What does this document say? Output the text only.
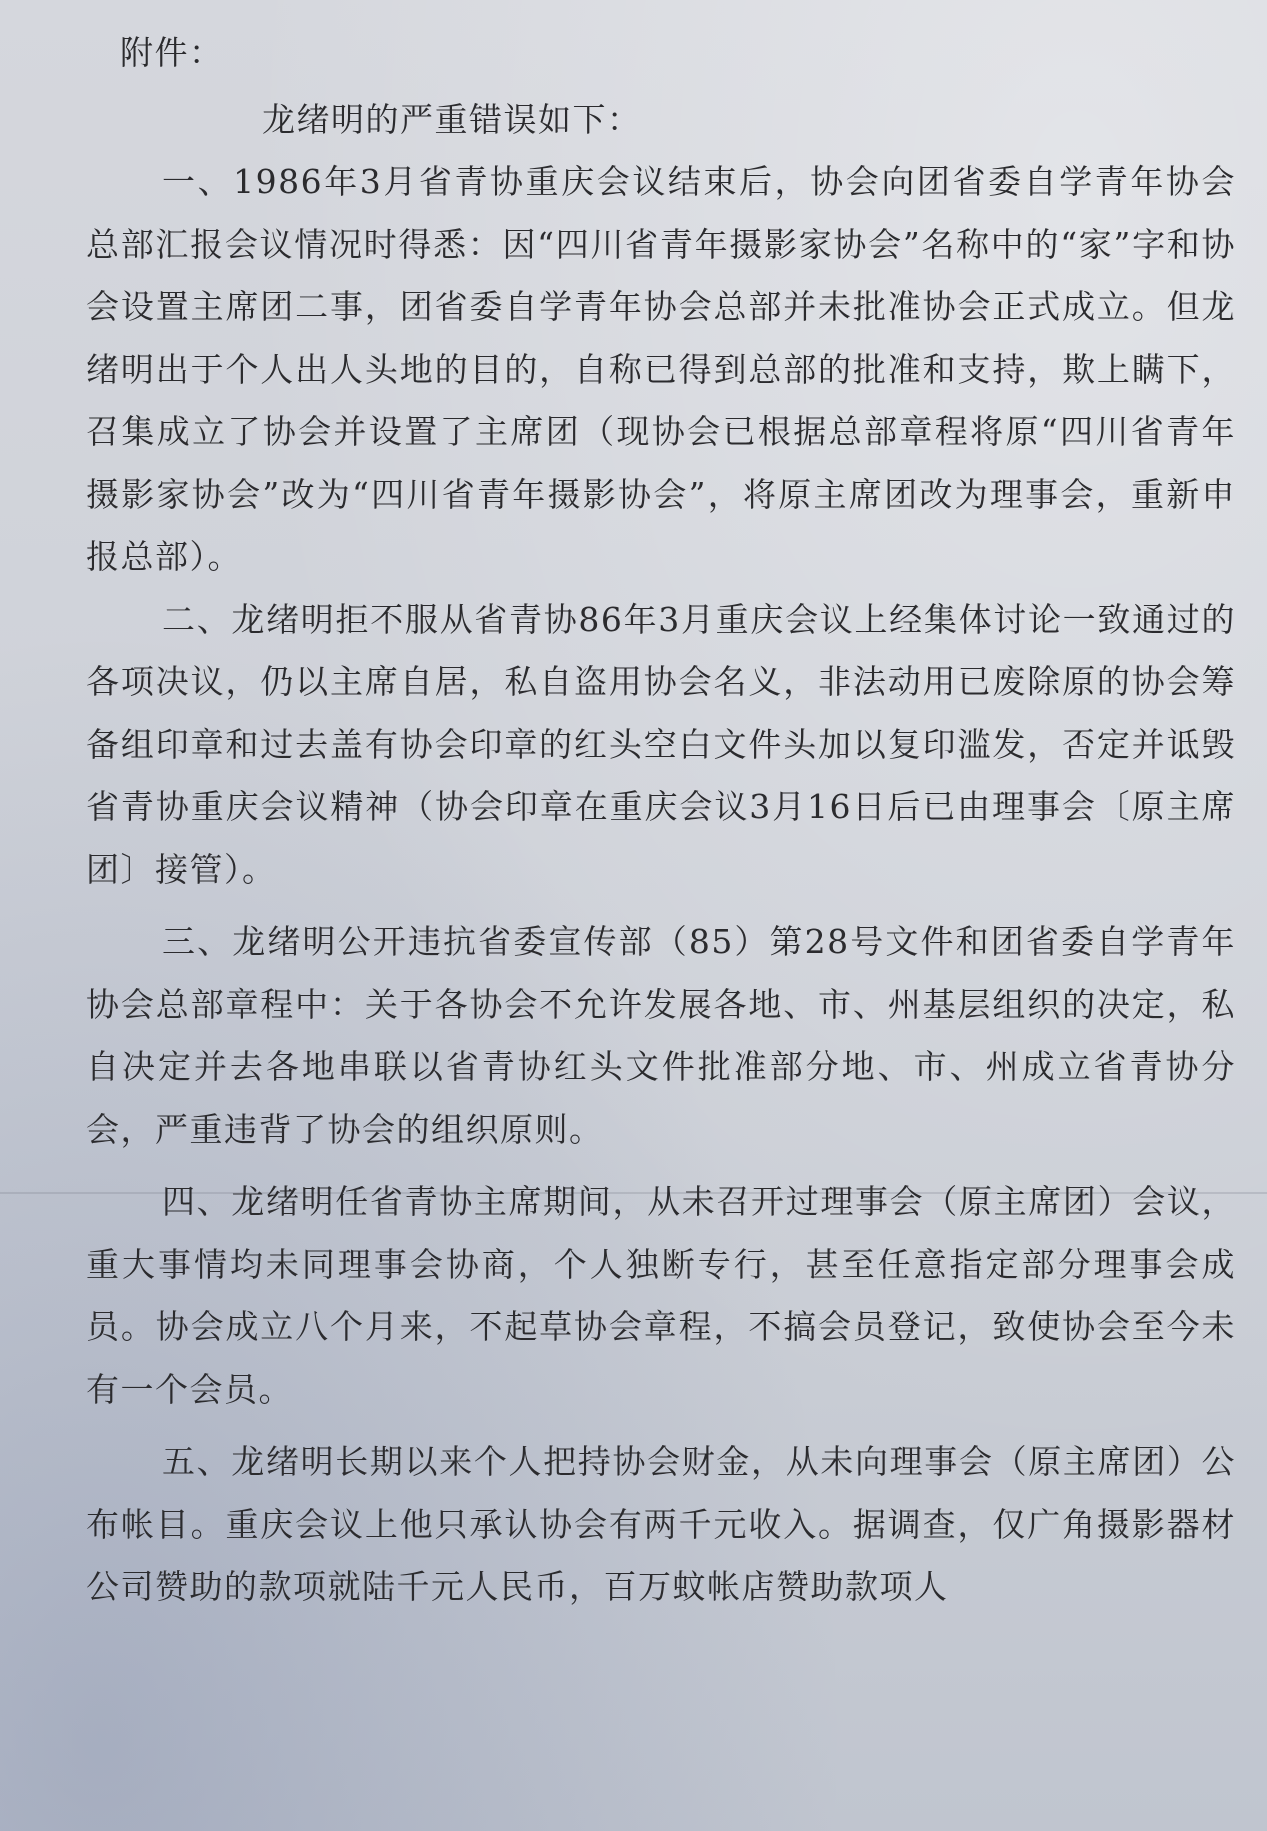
附件：

龙绪明的严重错误如下：

一、1986年3月省青协重庆会议结束后，协会向团省委自学青年协会总部汇报会议情况时得悉：因“四川省青年摄影家协会”名称中的“家”字和协会设置主席团二事，团省委自学青年协会总部并未批准协会正式成立。但龙绪明出于个人出人头地的目的，自称已得到总部的批准和支持，欺上瞒下，召集成立了协会并设置了主席团（现协会已根据总部章程将原“四川省青年摄影家协会”改为“四川省青年摄影协会”，将原主席团改为理事会，重新申报总部）。

二、龙绪明拒不服从省青协86年3月重庆会议上经集体讨论一致通过的各项决议，仍以主席自居，私自盗用协会名义，非法动用已废除原的协会筹备组印章和过去盖有协会印章的红头空白文件头加以复印滥发，否定并诋毁省青协重庆会议精神（协会印章在重庆会议3月16日后已由理事会〔原主席团〕接管）。

三、龙绪明公开违抗省委宣传部（85）第28号文件和团省委自学青年协会总部章程中：关于各协会不允许发展各地、市、州基层组织的决定，私自决定并去各地串联以省青协红头文件批准部分地、市、州成立省青协分会，严重违背了协会的组织原则。

四、龙绪明任省青协主席期间，从未召开过理事会（原主席团）会议，重大事情均未同理事会协商，个人独断专行，甚至任意指定部分理事会成员。协会成立八个月来，不起草协会章程，不搞会员登记，致使协会至今未有一个会员。

五、龙绪明长期以来个人把持协会财金，从未向理事会（原主席团）公布帐目。重庆会议上他只承认协会有两千元收入。据调查，仅广角摄影器材公司赞助的款项就陆千元人民币，百万蚊帐店赞助款项人
